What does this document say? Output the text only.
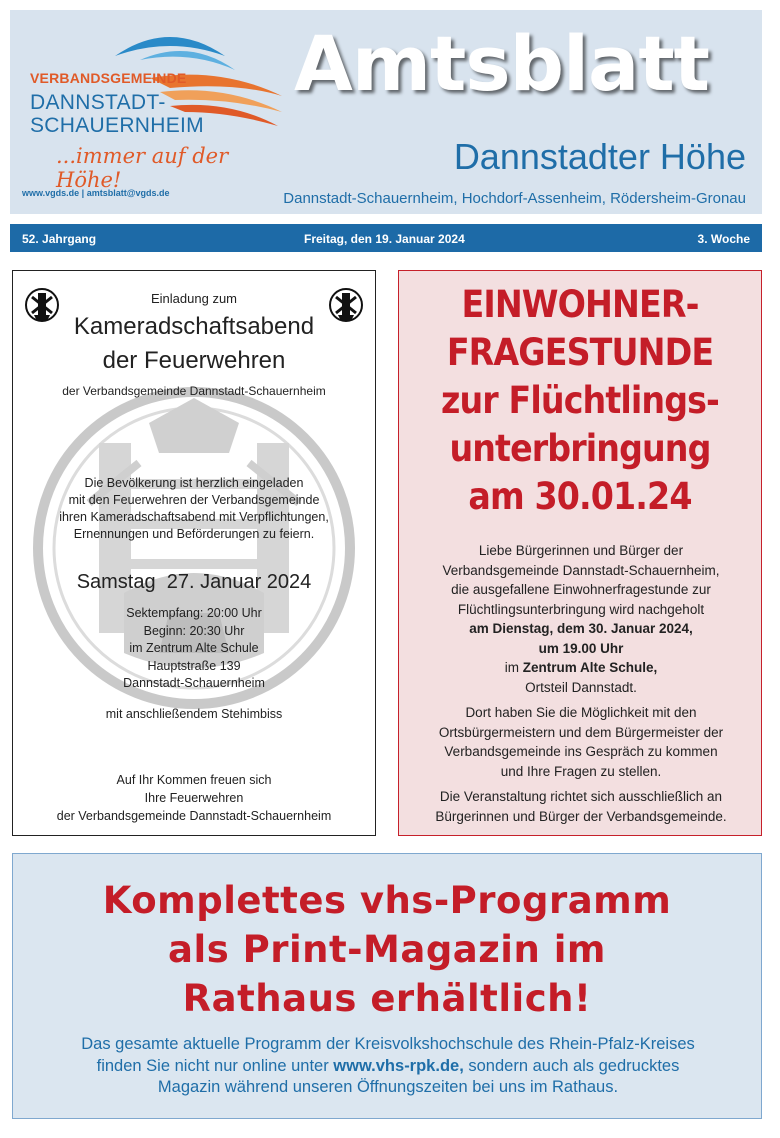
VERBANDSGEMEINDE
DANNSTADT-
SCHAUERNHEIM
...immer auf der Höhe!
www.vgds.de | amtsblatt@vgds.de
Amtsblatt
Dannstadter Höhe
Dannstadt-Schauernheim, Hochdorf-Assenheim, Rödersheim-Gronau
52. Jahrgang	Freitag, den 19. Januar 2024	3. Woche
Einladung zum
Kameradschaftsabend
der Feuerwehren
der Verbandsgemeinde Dannstadt-Schauernheim
Die Bevölkerung ist herzlich eingeladen
mit den Feuerwehren der Verbandsgemeinde
ihren Kameradschaftsabend mit Verpflichtungen,
Ernennungen und Beförderungen zu feiern.
Samstag  27. Januar 2024
Sektempfang: 20:00 Uhr
Beginn: 20:30 Uhr
im Zentrum Alte Schule
Hauptstraße 139
Dannstadt-Schauernheim
mit anschließendem Stehimbiss
Auf Ihr Kommen freuen sich
Ihre Feuerwehren
der Verbandsgemeinde Dannstadt-Schauernheim
EINWOHNER-
FRAGESTUNDE
zur Flüchtlings-
unterbringung
am 30.01.24
Liebe Bürgerinnen und Bürger der
Verbandsgemeinde Dannstadt-Schauernheim,
die ausgefallene Einwohnerfragestunde zur
Flüchtlingsunterbringung wird nachgeholt
am Dienstag, dem 30. Januar 2024,
um 19.00 Uhr
im Zentrum Alte Schule,
Ortsteil Dannstadt.
Dort haben Sie die Möglichkeit mit den
Ortsbürgermeistern und dem Bürgermeister der
Verbandsgemeinde ins Gespräch zu kommen
und Ihre Fragen zu stellen.
Die Veranstaltung richtet sich ausschließlich an
Bürgerinnen und Bürger der Verbandsgemeinde.
Komplettes vhs-Programm
als Print-Magazin im
Rathaus erhältlich!
Das gesamte aktuelle Programm der Kreisvolkshochschule des Rhein-Pfalz-Kreises
finden Sie nicht nur online unter www.vhs-rpk.de, sondern auch als gedrucktes
Magazin während unseren Öffnungszeiten bei uns im Rathaus.
